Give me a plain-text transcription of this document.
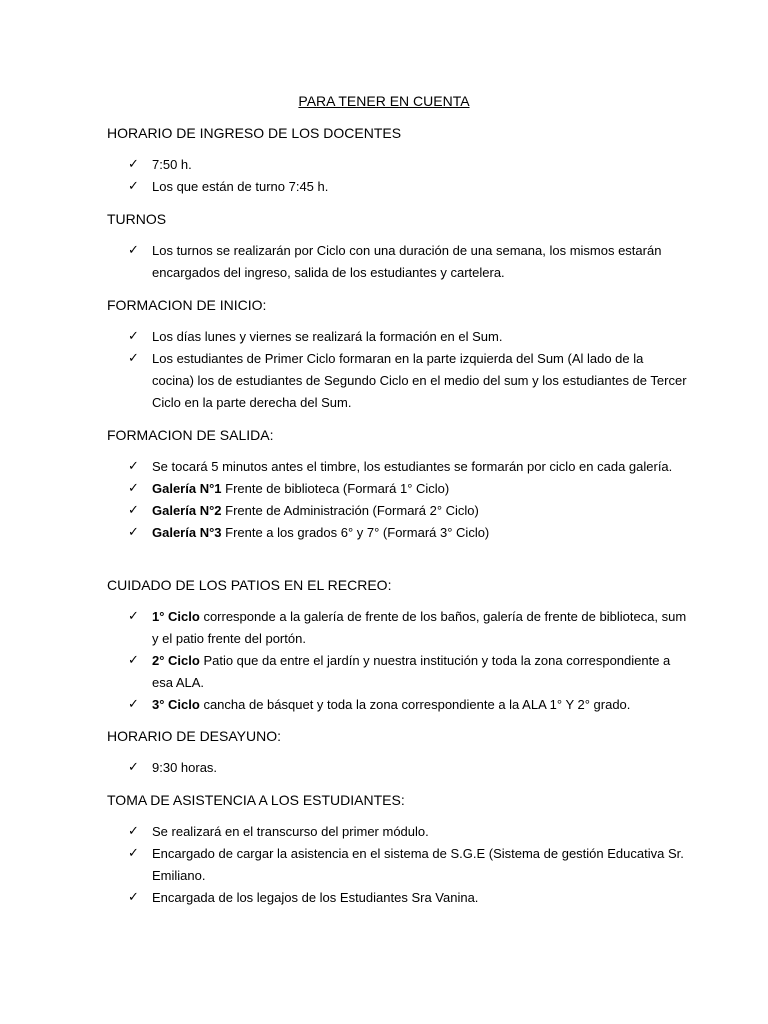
PARA TENER EN CUENTA
HORARIO DE INGRESO DE LOS DOCENTES
✓ 7:50 h.
✓ Los que están de turno 7:45 h.
TURNOS
✓ Los turnos se realizarán por Ciclo con una duración de una semana, los mismos estarán encargados del ingreso, salida de los estudiantes y cartelera.
FORMACION DE INICIO:
✓ Los días lunes y viernes se realizará la formación en el Sum.
✓ Los estudiantes de Primer Ciclo formaran en la parte izquierda del Sum (Al lado de la cocina) los de estudiantes de Segundo Ciclo en el medio del sum y los estudiantes de Tercer Ciclo en la parte derecha del Sum.
FORMACION DE SALIDA:
✓ Se tocará 5 minutos antes el timbre, los estudiantes se formarán por ciclo en cada galería.
✓ Galería N°1 Frente de biblioteca (Formará 1° Ciclo)
✓ Galería N°2 Frente de Administración (Formará 2° Ciclo)
✓ Galería N°3 Frente a los grados 6° y 7° (Formará 3° Ciclo)
CUIDADO DE LOS PATIOS EN EL RECREO:
✓ 1° Ciclo corresponde a la galería de frente de los baños, galería de frente de biblioteca, sum y el patio frente del portón.
✓ 2° Ciclo Patio que da entre el jardín y nuestra institución y toda la zona correspondiente a esa ALA.
✓ 3° Ciclo cancha de básquet y toda la zona correspondiente a la ALA 1° Y 2° grado.
HORARIO DE DESAYUNO:
✓ 9:30 horas.
TOMA DE ASISTENCIA A LOS ESTUDIANTES:
✓ Se realizará en el transcurso del primer módulo.
✓ Encargado de cargar la asistencia en el sistema de S.G.E (Sistema de gestión Educativa Sr. Emiliano.
✓ Encargada de los legajos de los Estudiantes Sra Vanina.
